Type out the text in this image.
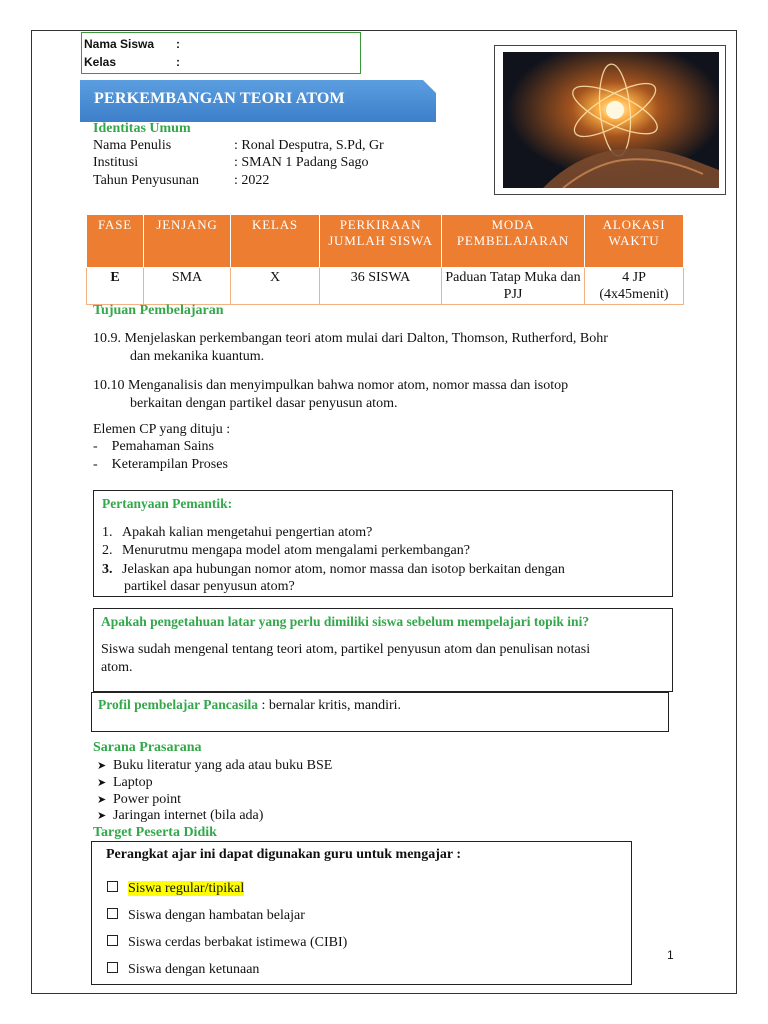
Nama Siswa :
Kelas	:
PERKEMBANGAN TEORI ATOM
Identitas Umum
Nama Penulis	: Ronal Desputra, S.Pd, Gr
Institusi	: SMAN 1 Padang Sago
Tahun Penyusunan	: 2022
FASE	JENJANG	KELAS	PERKIRAAN JUMLAH SISWA	MODA PEMBELAJARAN	ALOKASI WAKTU
E	SMA	X	36 SISWA	Paduan Tatap Muka dan PJJ	4 JP (4x45menit)
Tujuan Pembelajaran
10.9. Menjelaskan perkembangan teori atom mulai dari Dalton, Thomson, Rutherford, Bohr
dan mekanika kuantum.
10.10 Menganalisis dan menyimpulkan bahwa nomor atom, nomor massa dan isotop
berkaitan dengan partikel dasar penyusun atom.
Elemen CP yang dituju :
-    Pemahaman Sains
-    Keterampilan Proses
Pertanyaan Pemantik:
1. Apakah kalian mengetahui pengertian atom?
2. Menurutmu mengapa model atom mengalami perkembangan?
3. Jelaskan apa hubungan nomor atom, nomor massa dan isotop berkaitan dengan
partikel dasar penyusun atom?
Apakah pengetahuan latar yang perlu dimiliki siswa sebelum mempelajari topik ini?
Siswa sudah mengenal tentang teori atom, partikel penyusun atom dan penulisan notasi
atom.
Profil pembelajar Pancasila : bernalar kritis, mandiri.
Sarana Prasarana
➤ Buku literatur yang ada atau buku BSE
➤ Laptop
➤ Power point
➤ Jaringan internet (bila ada)
Target Peserta Didik
Perangkat ajar ini dapat digunakan guru untuk mengajar :
Siswa regular/tipikal
Siswa dengan hambatan belajar
Siswa cerdas berbakat istimewa (CIBI)
Siswa dengan ketunaan
1
